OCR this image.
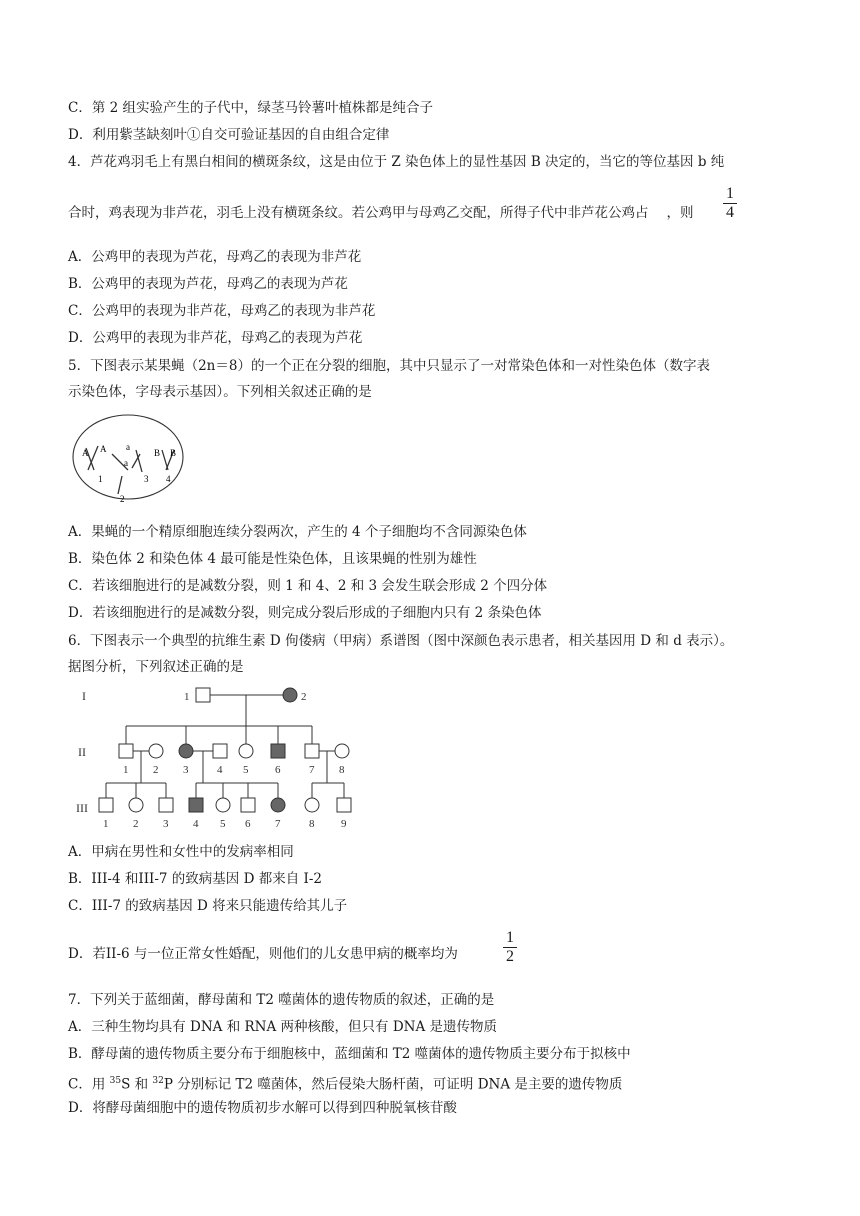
C．第 2 组实验产生的子代中，绿茎马铃薯叶植株都是纯合子
D．利用紫茎缺刻叶①自交可验证基因的自由组合定律
4．芦花鸡羽毛上有黑白相间的横斑条纹，这是由位于 Z 染色体上的显性基因 B 决定的，当它的等位基因 b 纯
合时，鸡表现为非芦花，羽毛上没有横斑条纹。若公鸡甲与母鸡乙交配，所得子代中非芦花公鸡占 ，则
1
4
A．公鸡甲的表现为芦花，母鸡乙的表现为非芦花
B．公鸡甲的表现为芦花，母鸡乙的表现为芦花
C．公鸡甲的表现为非芦花，母鸡乙的表现为非芦花
D．公鸡甲的表现为非芦花，母鸡乙的表现为芦花
5．下图表示某果蝇（2n＝8）的一个正在分裂的细胞，其中只显示了一对常染色体和一对性染色体（数字表
示染色体，字母表示基因）。下列相关叙述正确的是
A A a
a
B B
1
2
3 4
A．果蝇的一个精原细胞连续分裂两次，产生的 4 个子细胞均不含同源染色体
B．染色体 2 和染色体 4 最可能是性染色体，且该果蝇的性别为雄性
C．若该细胞进行的是减数分裂，则 1 和 4、2 和 3 会发生联会形成 2 个四分体
D．若该细胞进行的是减数分裂，则完成分裂后形成的子细胞内只有 2 条染色体
6．下图表示一个典型的抗维生素 D 佝偻病（甲病）系谱图（图中深颜色表示患者，相关基因用 D 和 d 表示）。
据图分析，下列叙述正确的是
I
II
III
1	2
1 2 3	4 5 6	7 8
1 2 3 4 5 6 7	8 9
A．甲病在男性和女性中的发病率相同
B．III-4 和III-7 的致病基因 D 都来自 I-2
C．III-7 的致病基因 D 将来只能遗传给其儿子
D．若II-6 与一位正常女性婚配，则他们的儿女患甲病的概率均为
1
2
7．下列关于蓝细菌，酵母菌和 T2 噬菌体的遗传物质的叙述，正确的是
A．三种生物均具有 DNA 和 RNA 两种核酸，但只有 DNA 是遗传物质
B．酵母菌的遗传物质主要分布于细胞核中，蓝细菌和 T2 噬菌体的遗传物质主要分布于拟核中
C．用 $^{35}$S 和 $^{32}$P 分别标记 T2 噬菌体，然后侵染大肠杆菌，可证明 DNA 是主要的遗传物质
D．将酵母菌细胞中的遗传物质初步水解可以得到四种脱氧核苷酸
